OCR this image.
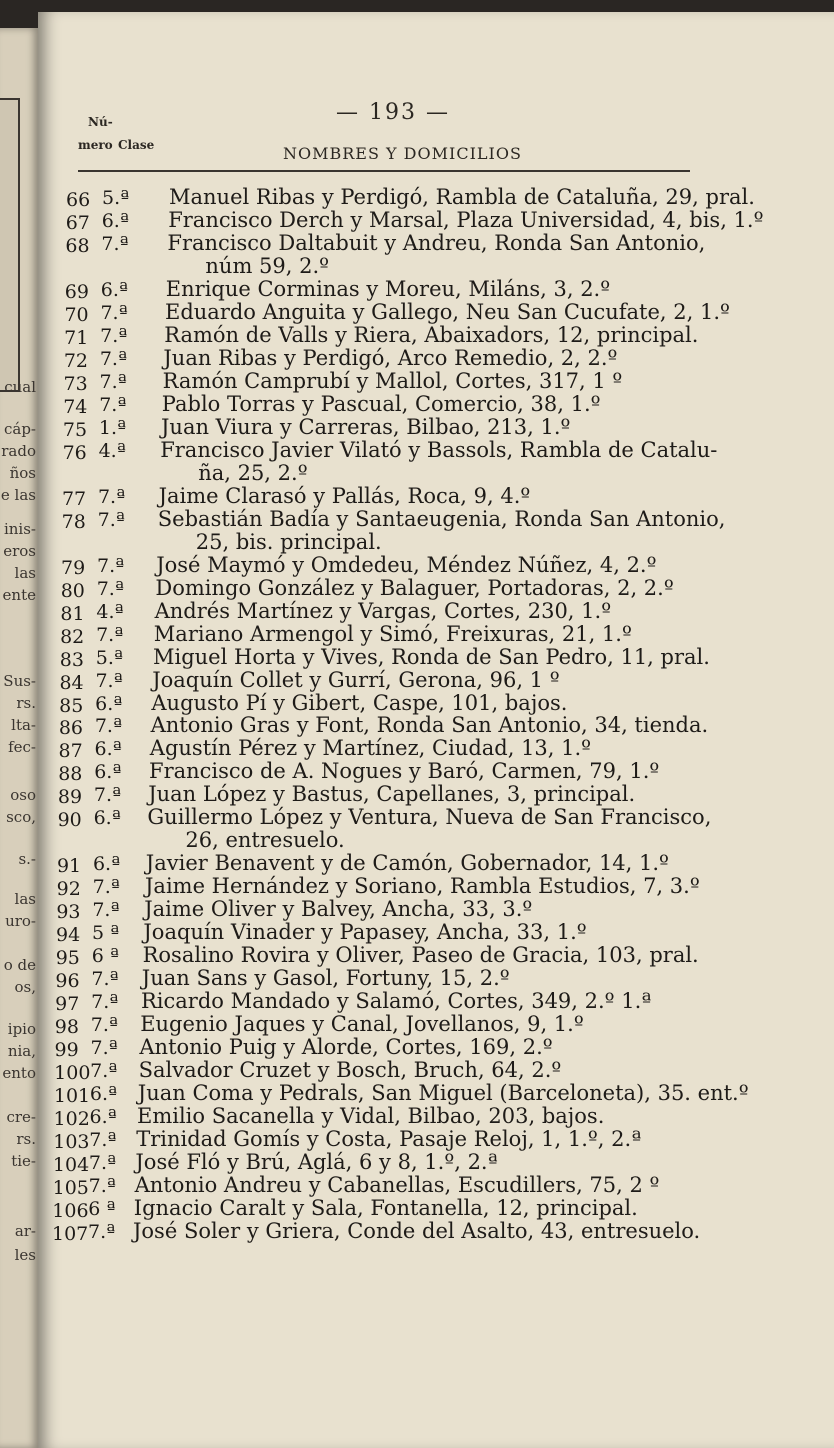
cual
cáp-
rado
ños
e las
inis-
eros
las
ente
Sus-
rs.
lta-
fec-
oso
sco,
s.-
las
uro-
o de
os,
ipio
nia,
ento
cre-
rs.
tie-
ar-
les
Nú-
mero Clase
— 193 —
NOMBRES Y DOMICILIOS
66 5.ª Manuel Ribas y Perdigó, Rambla de Cataluña, 29, pral.
67 6.ª Francisco Derch y Marsal, Plaza Universidad, 4, bis, 1.º
68 7.ª Francisco Daltabuit y Andreu, Ronda San Antonio,
núm 59, 2.º
69 6.ª Enrique Corminas y Moreu, Miláns, 3, 2.º
70 7.ª Eduardo Anguita y Gallego, Neu San Cucufate, 2, 1.º
71 7.ª Ramón de Valls y Riera, Abaixadors, 12, principal.
72 7.ª Juan Ribas y Perdigó, Arco Remedio, 2, 2.º
73 7.ª Ramón Camprubí y Mallol, Cortes, 317, 1 º
74 7.ª Pablo Torras y Pascual, Comercio, 38, 1.º
75 1.ª Juan Viura y Carreras, Bilbao, 213, 1.º
76 4.ª Francisco Javier Vilató y Bassols, Rambla de Catalu-
ña, 25, 2.º
77 7.ª Jaime Clarasó y Pallás, Roca, 9, 4.º
78 7.ª Sebastián Badía y Santaeugenia, Ronda San Antonio,
25, bis. principal.
79 7.ª José Maymó y Omdedeu, Méndez Núñez, 4, 2.º
80 7.ª Domingo González y Balaguer, Portadoras, 2, 2.º
81 4.ª Andrés Martínez y Vargas, Cortes, 230, 1.º
82 7.ª Mariano Armengol y Simó, Freixuras, 21, 1.º
83 5.ª Miguel Horta y Vives, Ronda de San Pedro, 11, pral.
84 7.ª Joaquín Collet y Gurrí, Gerona, 96, 1 º
85 6.ª Augusto Pí y Gibert, Caspe, 101, bajos.
86 7.ª Antonio Gras y Font, Ronda San Antonio, 34, tienda.
87 6.ª Agustín Pérez y Martínez, Ciudad, 13, 1.º
88 6.ª Francisco de A. Nogues y Baró, Carmen, 79, 1.º
89 7.ª Juan López y Bastus, Capellanes, 3, principal.
90 6.ª Guillermo López y Ventura, Nueva de San Francisco,
26, entresuelo.
91 6.ª Javier Benavent y de Camón, Gobernador, 14, 1.º
92 7.ª Jaime Hernández y Soriano, Rambla Estudios, 7, 3.º
93 7.ª Jaime Oliver y Balvey, Ancha, 33, 3.º
94 5 ª Joaquín Vinader y Papasey, Ancha, 33, 1.º
95 6 ª Rosalino Rovira y Oliver, Paseo de Gracia, 103, pral.
96 7.ª Juan Sans y Gasol, Fortuny, 15, 2.º
97 7.ª Ricardo Mandado y Salamó, Cortes, 349, 2.º 1.ª
98 7.ª Eugenio Jaques y Canal, Jovellanos, 9, 1.º
99 7.ª Antonio Puig y Alorde, Cortes, 169, 2.º
100 7.ª Salvador Cruzet y Bosch, Bruch, 64, 2.º
101 6.ª Juan Coma y Pedrals, San Miguel (Barceloneta), 35. ent.º
102 6.ª Emilio Sacanella y Vidal, Bilbao, 203, bajos.
103 7.ª Trinidad Gomís y Costa, Pasaje Reloj, 1, 1.º, 2.ª
104 7.ª José Fló y Brú, Aglá, 6 y 8, 1.º, 2.ª
105 7.ª Antonio Andreu y Cabanellas, Escudillers, 75, 2 º
106 6 ª Ignacio Caralt y Sala, Fontanella, 12, principal.
107 7.ª José Soler y Griera, Conde del Asalto, 43, entresuelo.
